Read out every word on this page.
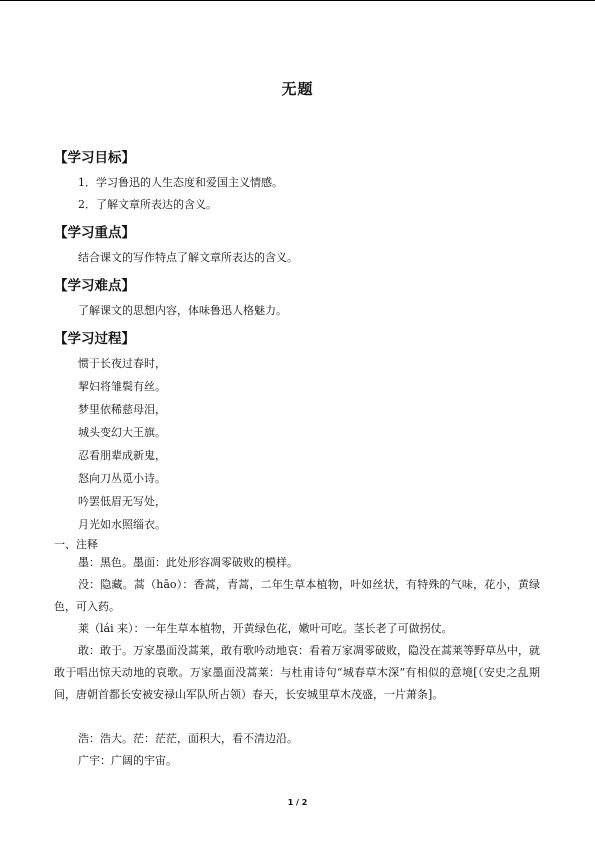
无题
【学习目标】
1．学习鲁迅的人生态度和爱国主义情感。
2．了解文章所表达的含义。
【学习重点】
结合课文的写作特点了解文章所表达的含义。
【学习难点】
了解课文的思想内容，体味鲁迅人格魅力。
【学习过程】
惯于长夜过春时，
挈妇将雏鬓有丝。
梦里依稀慈母泪，
城头变幻大王旗。
忍看朋辈成新鬼，
怒向刀丛觅小诗。
吟罢低眉无写处，
月光如水照缁衣。
一、注释
墨：黑色。墨面：此处形容凋零破败的模样。
没：隐藏。蒿（hāo）：香蒿，青蒿，二年生草本植物，叶如丝状，有特殊的气味，花小，黄绿色，可入药。
莱（lái 来）：一年生草本植物，开黄绿色花，嫩叶可吃。茎长老了可做拐仗。
敢：敢于。万家墨面没蒿莱，敢有歌吟动地哀：看着万家凋零破败，隐没在蒿莱等野草丛中，就敢于唱出惊天动地的哀歌。万家墨面没蒿莱：与杜甫诗句“城春草木深”有相似的意境[（安史之乱期间，唐朝首都长安被安禄山军队所占领）春天，长安城里草木茂盛，一片萧条]。
浩：浩大。茫：茫茫，面积大，看不清边沿。
广宇：广阔的宇宙。
1 / 2
